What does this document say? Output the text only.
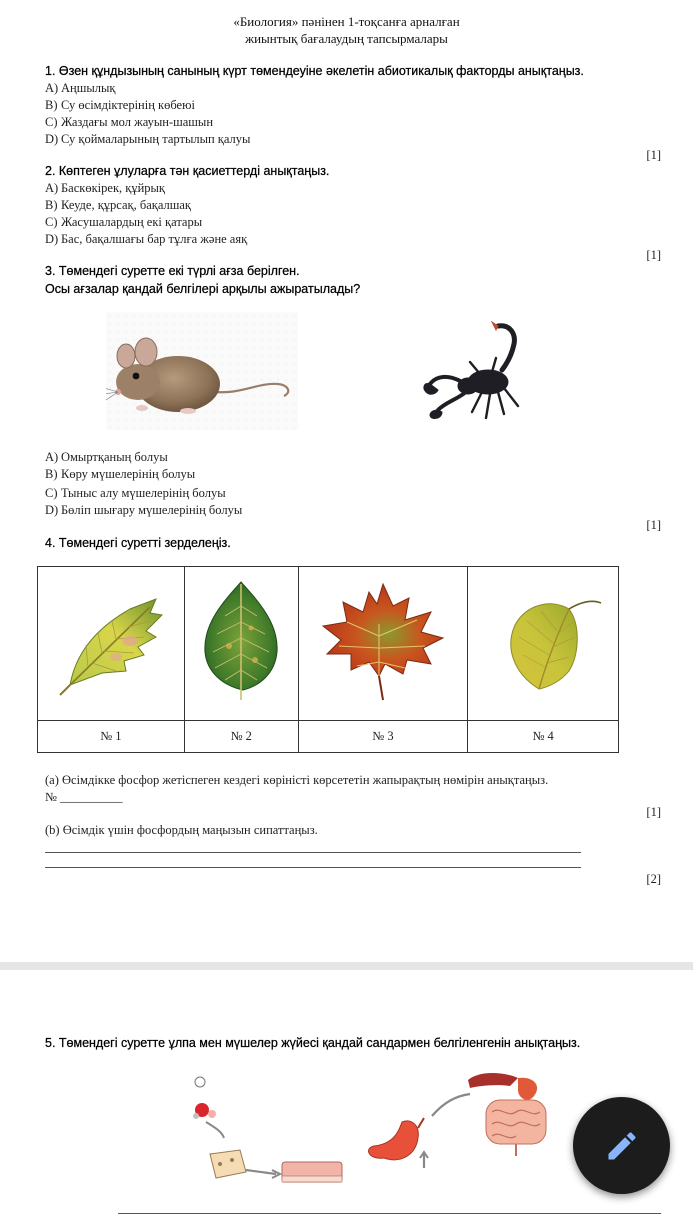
«Биология» пәнінен 1-тоқсанға арналған
жиынтық бағалаудың тапсырмалары
1. Өзен құндызының санының күрт төмендеуіне әкелетін абиотикалық факторды анықтаңыз.
A) Аңшылық
B) Су өсімдіктерінің көбеюі
C) Жаздағы мол жауын-шашын
D) Су қоймаларының тартылып қалуы
[1]
2. Көптеген ұлуларға тән қасиеттерді анықтаңыз.
A) Баскөкірек, құйрық
B) Кеуде, құрсақ, бақалшақ
C) Жасушалардың екі қатары
D) Бас, бақалшағы бар тұлға және аяқ
[1]
3. Төмендегі суретте екі түрлі ағза берілген.
Осы ағзалар қандай белгілері арқылы ажыратылады?
A) Омыртқаның болуы
B) Көру мүшелерінің болуы
C) Тыныс алу мүшелерінің болуы
D) Бөліп шығару мүшелерінің болуы
[1]
4. Төмендегі суретті зерделеңіз.

№ 1	№ 2	№ 3	№ 4
(a) Өсімдікке фосфор жетіспеген кездегі көріністі көрсететін жапырақтың нөмірін анықтаңыз.
№ __________
[1]
(b) Өсімдік үшін фосфордың маңызын сипаттаңыз.
[2]
5. Төмендегі суретте ұлпа мен мүшелер жүйесі қандай сандармен белгіленгенін анықтаңыз.
